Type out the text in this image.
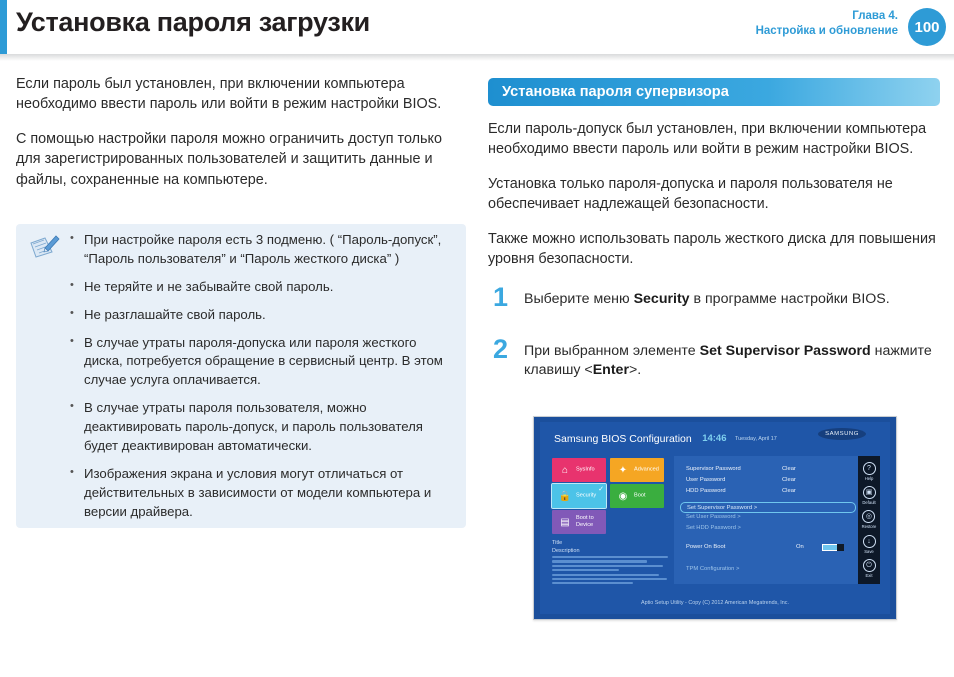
Установка пароля загрузки	Глава 4.
Настройка и обновление	100

Если пароль был установлен, при включении компьютера необходимо ввести пароль или войти в режим настройки BIOS.

С помощью настройки пароля можно ограничить доступ только для зарегистрированных пользователей и защитить данные и файлы, сохраненные на компьютере.

• При настройке пароля есть 3 подменю. ( “Пароль-допуск”, “Пароль пользователя” и “Пароль жесткого диска” )
• Не теряйте и не забывайте свой пароль.
• Не разглашайте свой пароль.
• В случае утраты пароля-допуска или пароля жесткого диска, потребуется обращение в сервисный центр. В этом случае услуга оплачивается.
• В случае утраты пароля пользователя, можно деактивировать пароль-допуск, и пароль пользователя будет деактивирован автоматически.
• Изображения экрана и условия могут отличаться от действительных в зависимости от модели компьютера и версии драйвера.
Установка пароля супервизора

Если пароль-допуск был установлен, при включении компьютера необходимо ввести пароль или войти в режим настройки BIOS.

Установка только пароля-допуска и пароля пользователя не обеспечивает надлежащей безопасности.

Также можно использовать пароль жесткого диска для повышения уровня безопасности.

1 Выберите меню Security в программе настройки BIOS.
2 При выбранном элементе Set Supervisor Password нажмите клавишу <Enter>.
Samsung BIOS Configuration 14:46 Tuesday, April 17
SAMSUNG
⌂	SysInfo ✦	Advanced
🔒 Security
✓
◉	Boot
▤	Boot to Device
Title
Description
Supervisor Password	Clear
User Password	Clear
HDD Password	Clear
Set Supervisor Password >
Set User Password >
Set HDD Password >
Power On Boot	On
TPM Configuration >
?
Help
▣
Default
◎
Restore
↓
Save
⏻
Exit
Aptio Setup Utility - Copy (C) 2012 American Megatrends, Inc.
